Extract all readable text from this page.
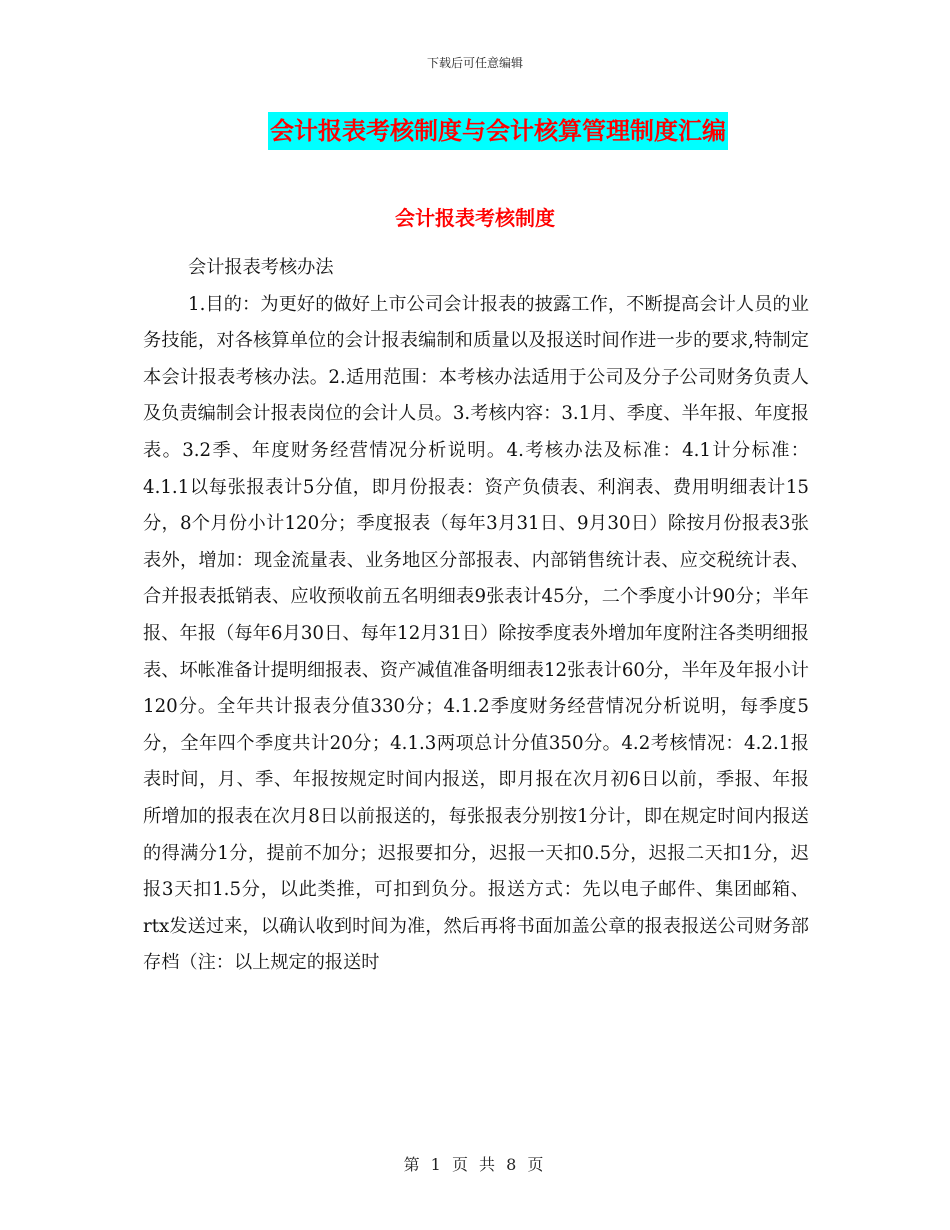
下载后可任意编辑
会计报表考核制度与会计核算管理制度汇编
会计报表考核制度

会计报表考核办法

1.目的：为更好的做好上市公司会计报表的披露工作，不断提高会计人员的业务技能，对各核算单位的会计报表编制和质量以及报送时间作进一步的要求,特制定本会计报表考核办法。2.适用范围：本考核办法适用于公司及分子公司财务负责人及负责编制会计报表岗位的会计人员。3.考核内容：3.1月、季度、半年报、年度报表。3.2季、年度财务经营情况分析说明。4.考核办法及标准：4.1计分标准：4.1.1以每张报表计5分值，即月份报表：资产负债表、利润表、费用明细表计15分，8个月份小计120分；季度报表（每年3月31日、9月30日）除按月份报表3张表外，增加：现金流量表、业务地区分部报表、内部销售统计表、应交税统计表、合并报表抵销表、应收预收前五名明细表9张表计45分，二个季度小计90分；半年报、年报（每年6月30日、每年12月31日）除按季度表外增加年度附注各类明细报表、坏帐准备计提明细报表、资产减值准备明细表12张表计60分，半年及年报小计120分。全年共计报表分值330分；4.1.2季度财务经营情况分析说明，每季度5分，全年四个季度共计20分；4.1.3两项总计分值350分。4.2考核情况：4.2.1报表时间，月、季、年报按规定时间内报送，即月报在次月初6日以前，季报、年报所增加的报表在次月8日以前报送的，每张报表分别按1分计，即在规定时间内报送的得满分1分，提前不加分；迟报要扣分，迟报一天扣0.5分，迟报二天扣1分，迟报3天扣1.5分，以此类推，可扣到负分。报送方式：先以电子邮件、集团邮箱、rtx发送过来，以确认收到时间为准，然后再将书面加盖公章的报表报送公司财务部存档（注：以上规定的报送时

第 1 页 共 8 页
